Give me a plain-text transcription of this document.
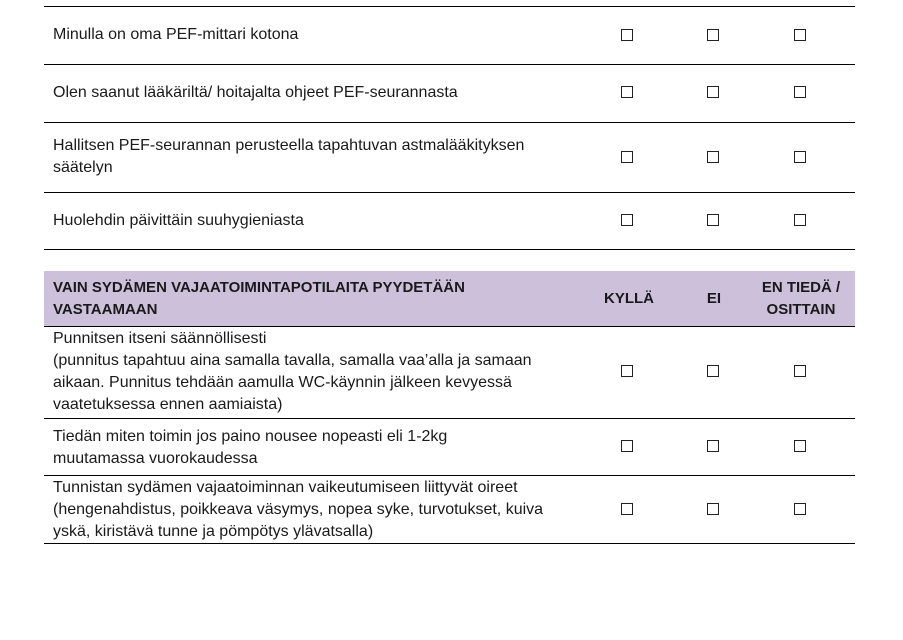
Minulla on oma PEF-mittari kotona
Olen saanut lääkäriltä/ hoitajalta ohjeet PEF-seurannasta
Hallitsen PEF-seurannan perusteella tapahtuvan astmalääkityksen
säätelyn
Huolehdin päivittäin suuhygieniasta
VAIN SYDÄMEN VAJAATOIMINTAPOTILAITA PYYDETÄÄN VASTAAMAAN
KYLLÄ	EI
EN TIEDÄ / OSITTAIN
Punnitsen itseni säännöllisesti
(punnitus tapahtuu aina samalla tavalla, samalla vaa’alla ja samaan
aikaan. Punnitus tehdään aamulla WC-käynnin jälkeen kevyessä
vaatetuksessa ennen aamiaista)
Tiedän miten toimin jos paino nousee nopeasti eli 1-2kg
muutamassa vuorokaudessa
Tunnistan sydämen vajaatoiminnan vaikeutumiseen liittyvät oireet
(hengenahdistus, poikkeava väsymys, nopea syke, turvotukset, kuiva
yskä, kiristävä tunne ja pömpötys ylävatsalla)
